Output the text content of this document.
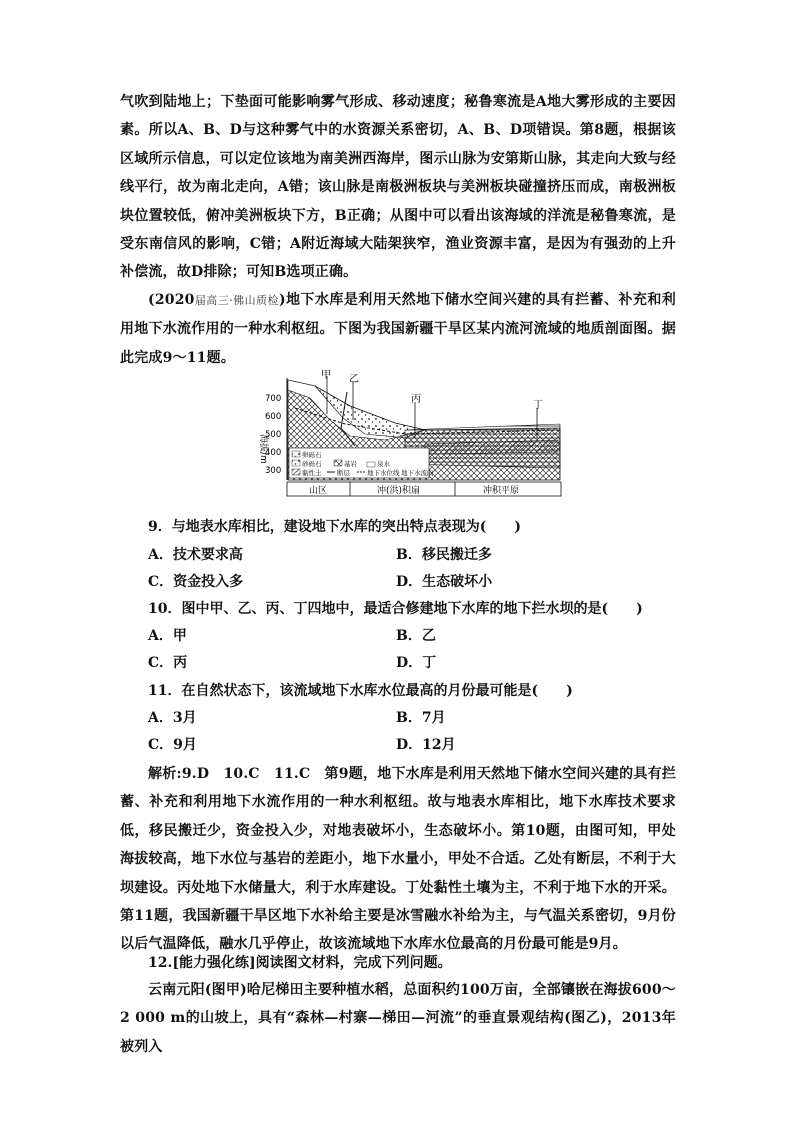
气吹到陆地上；下垫面可能影响雾气形成、移动速度；秘鲁寒流是A地大雾形成的主要因素。所以A、B、D与这种雾气中的水资源关系密切，A、B、D项错误。第8题，根据该区域所示信息，可以定位该地为南美洲西海岸，图示山脉为安第斯山脉，其走向大致与经线平行，故为南北走向，A错；该山脉是南极洲板块与美洲板块碰撞挤压而成，南极洲板块位置较低，俯冲美洲板块下方，B正确；从图中可以看出该海域的洋流是秘鲁寒流，是受东南信风的影响，C错；A附近海域大陆架狭窄，渔业资源丰富，是因为有强劲的上升补偿流，故D排除；可知B选项正确。
(2020届高三·佛山质检)地下水库是利用天然地下储水空间兴建的具有拦蓄、补充和利用地下水流作用的一种水利枢纽。下图为我国新疆干旱区某内流河流域的地质剖面图。据此完成9～11题。
海拔/m
700
600
500
400
300
甲 乙
丙
丁
卵砾石
砂砾石	基岩	泉水
黏性土 断层	地下水位线 地下水流向
山区	冲(洪)积扇	冲积平原
9．与地表水库相比，建设地下水库的突出特点表现为(　　)
A．技术要求高	B．移民搬迁多
C．资金投入多	D．生态破坏小
10．图中甲、乙、丙、丁四地中，最适合修建地下水库的地下拦水坝的是(　　)
A．甲	B．乙
C．丙	D．丁
11．在自然状态下，该流域地下水库水位最高的月份最可能是(　　)
A．3月	B．7月
C．9月	D．12月
解析:9.D　10.C　11.C　第9题，地下水库是利用天然地下储水空间兴建的具有拦蓄、补充和利用地下水流作用的一种水利枢纽。故与地表水库相比，地下水库技术要求低，移民搬迁少，资金投入少，对地表破坏小，生态破坏小。第10题，由图可知，甲处海拔较高，地下水位与基岩的差距小，地下水量小，甲处不合适。乙处有断层，不利于大坝建设。丙处地下水储量大，利于水库建设。丁处黏性土壤为主，不利于地下水的开采。第11题，我国新疆干旱区地下水补给主要是冰雪融水补给为主，与气温关系密切，9月份以后气温降低，融水几乎停止，故该流域地下水库水位最高的月份最可能是9月。
12.[能力强化练]阅读图文材料，完成下列问题。
云南元阳(图甲)哈尼梯田主要种植水稻，总面积约100万亩，全部镶嵌在海拔600～2 000 m的山坡上，具有“森林—村寨—梯田—河流”的垂直景观结构(图乙)，2013年被列入
